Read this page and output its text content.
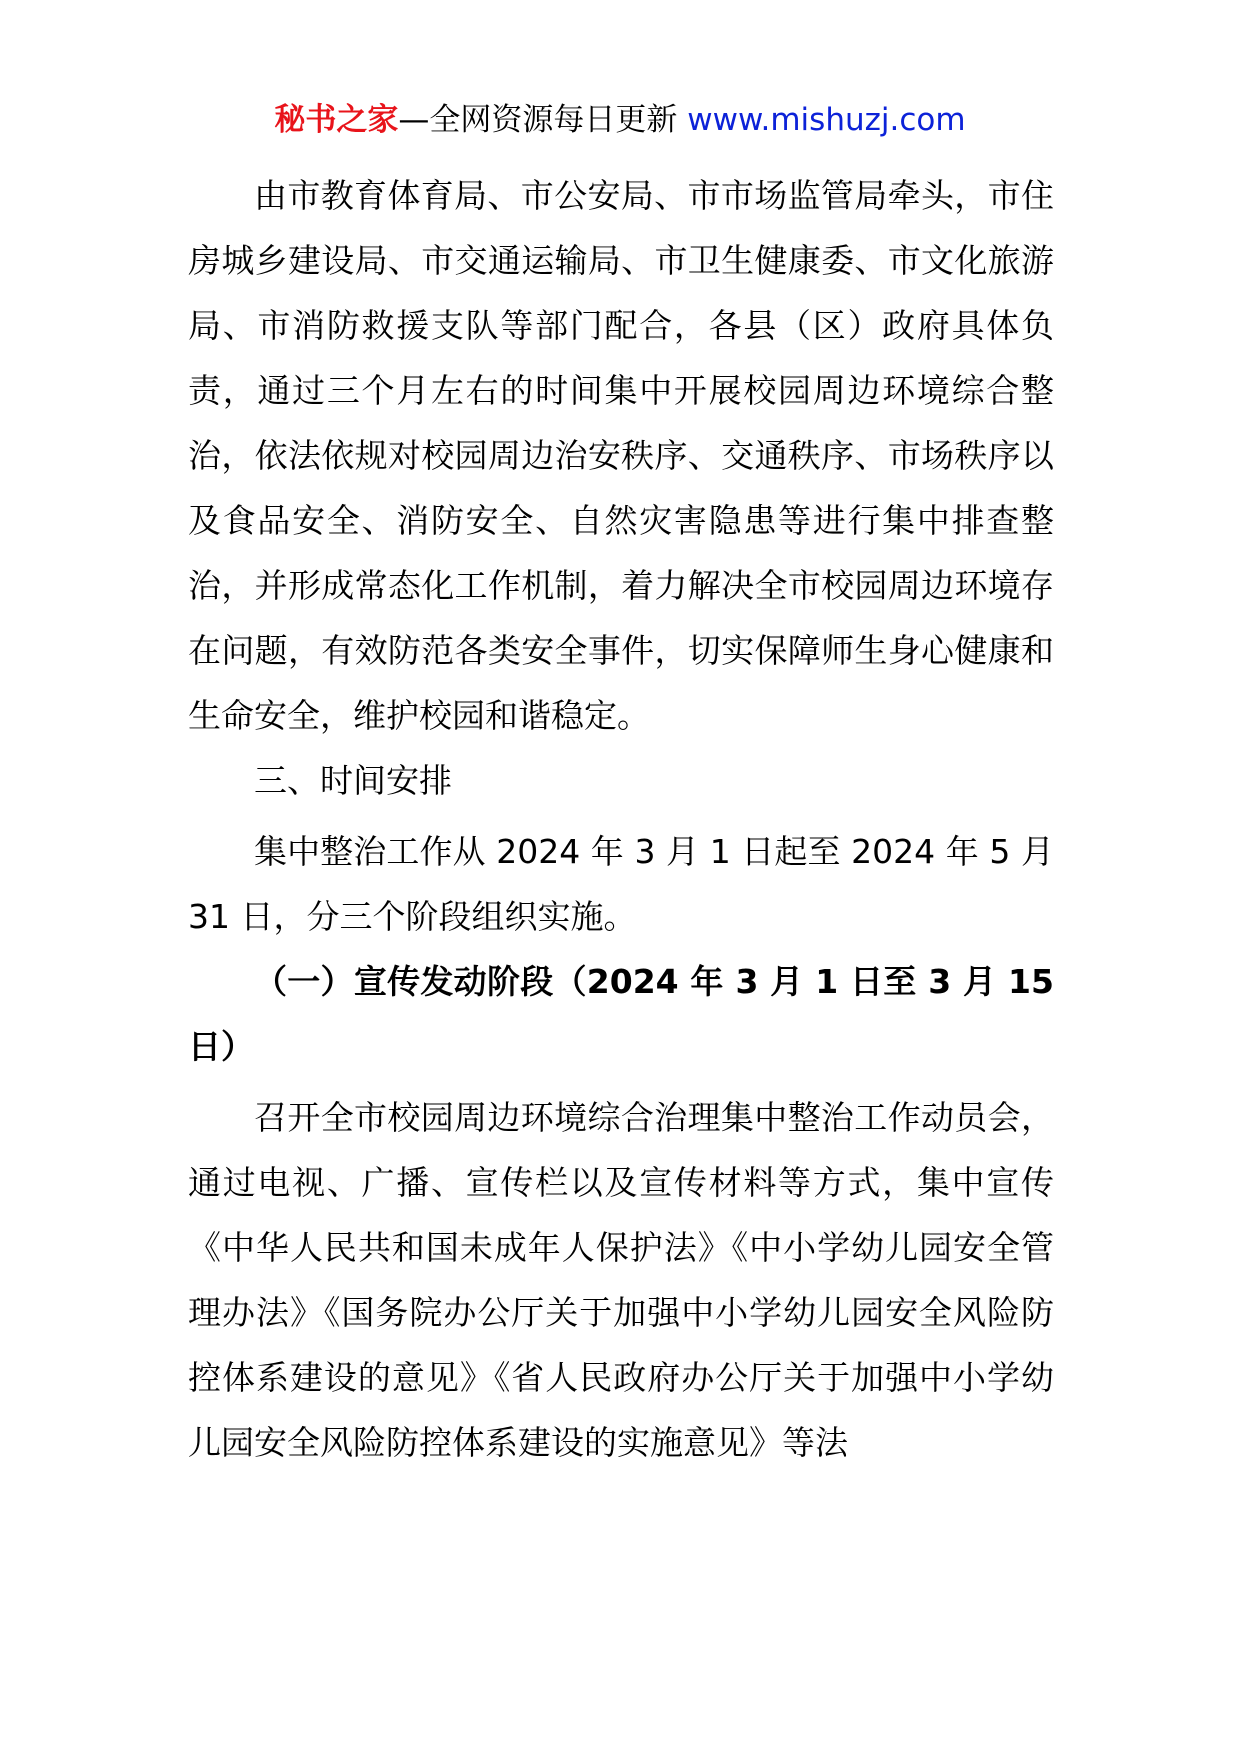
秘书之家—全网资源每日更新 www.mishuzj.com

由市教育体育局、市公安局、市市场监管局牵头，市住房城乡建设局、市交通运输局、市卫生健康委、市文化旅游局、市消防救援支队等部门配合，各县（区）政府具体负责，通过三个月左右的时间集中开展校园周边环境综合整治，依法依规对校园周边治安秩序、交通秩序、市场秩序以及食品安全、消防安全、自然灾害隐患等进行集中排查整治，并形成常态化工作机制，着力解决全市校园周边环境存在问题，有效防范各类安全事件，切实保障师生身心健康和生命安全，维护校园和谐稳定。

三、时间安排

集中整治工作从 2024 年 3 月 1 日起至 2024 年 5 月 31 日，分三个阶段组织实施。

（一）宣传发动阶段（2024 年 3 月 1 日至 3 月 15 日）

召开全市校园周边环境综合治理集中整治工作动员会，通过电视、广播、宣传栏以及宣传材料等方式，集中宣传《中华人民共和国未成年人保护法》《中小学幼儿园安全管理办法》《国务院办公厅关于加强中小学幼儿园安全风险防控体系建设的意见》《省人民政府办公厅关于加强中小学幼儿园安全风险防控体系建设的实施意见》等法
